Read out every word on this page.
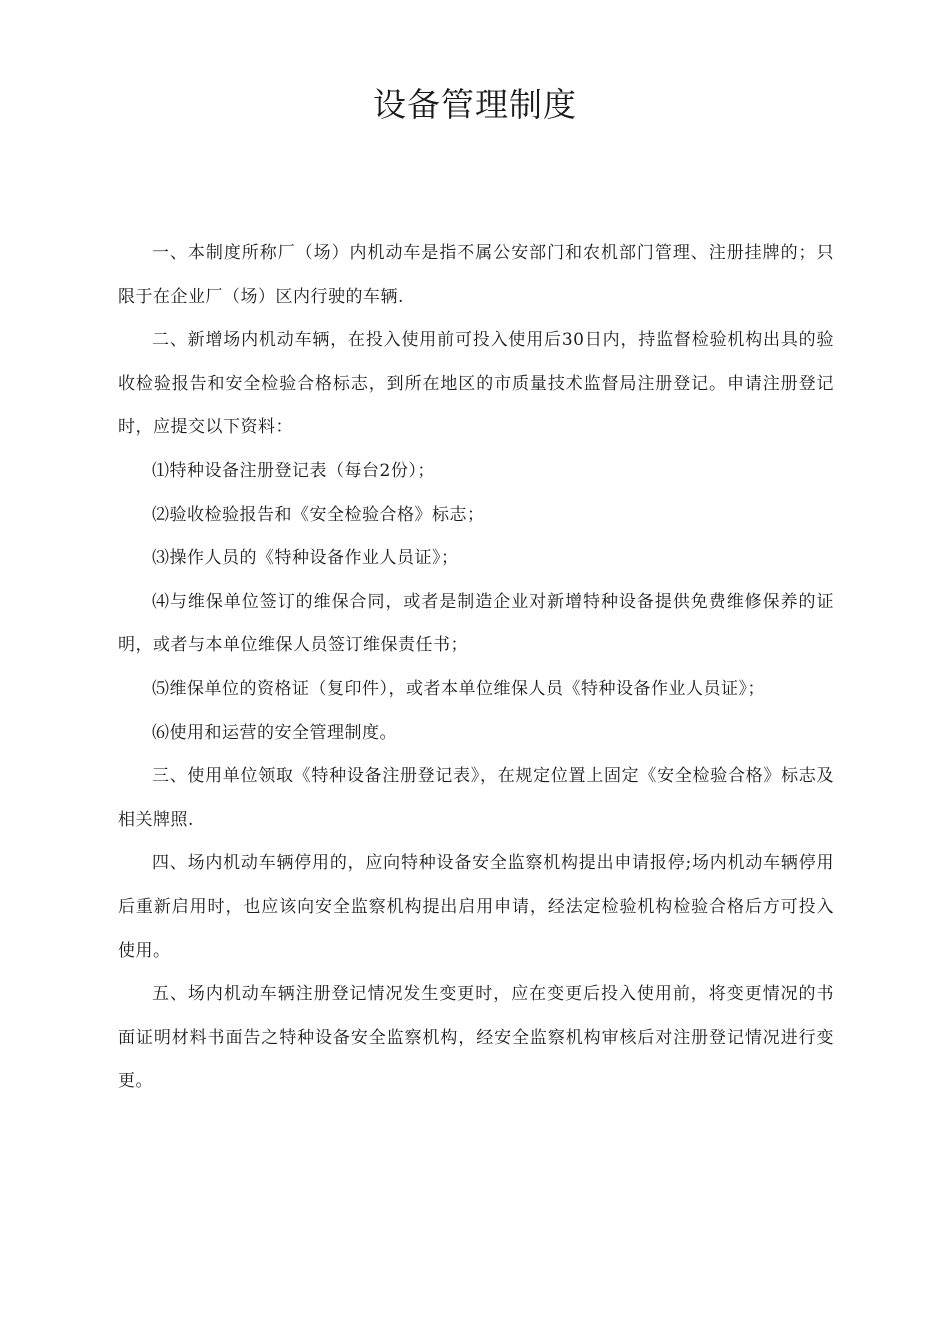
设备管理制度

一、本制度所称厂（场）内机动车是指不属公安部门和农机部门管理、注册挂牌的；只限于在企业厂（场）区内行驶的车辆.

二、新增场内机动车辆，在投入使用前可投入使用后30日内，持监督检验机构出具的验收检验报告和安全检验合格标志，到所在地区的市质量技术监督局注册登记。申请注册登记时，应提交以下资料：

⑴特种设备注册登记表（每台2份）；

⑵验收检验报告和《安全检验合格》标志；

⑶操作人员的《特种设备作业人员证》；

⑷与维保单位签订的维保合同，或者是制造企业对新增特种设备提供免费维修保养的证明，或者与本单位维保人员签订维保责任书；

⑸维保单位的资格证（复印件），或者本单位维保人员《特种设备作业人员证》；

⑹使用和运营的安全管理制度。

三、使用单位领取《特种设备注册登记表》，在规定位置上固定《安全检验合格》标志及相关牌照.

四、场内机动车辆停用的，应向特种设备安全监察机构提出申请报停;场内机动车辆停用后重新启用时，也应该向安全监察机构提出启用申请，经法定检验机构检验合格后方可投入使用。

五、场内机动车辆注册登记情况发生变更时，应在变更后投入使用前，将变更情况的书面证明材料书面告之特种设备安全监察机构，经安全监察机构审核后对注册登记情况进行变更。
